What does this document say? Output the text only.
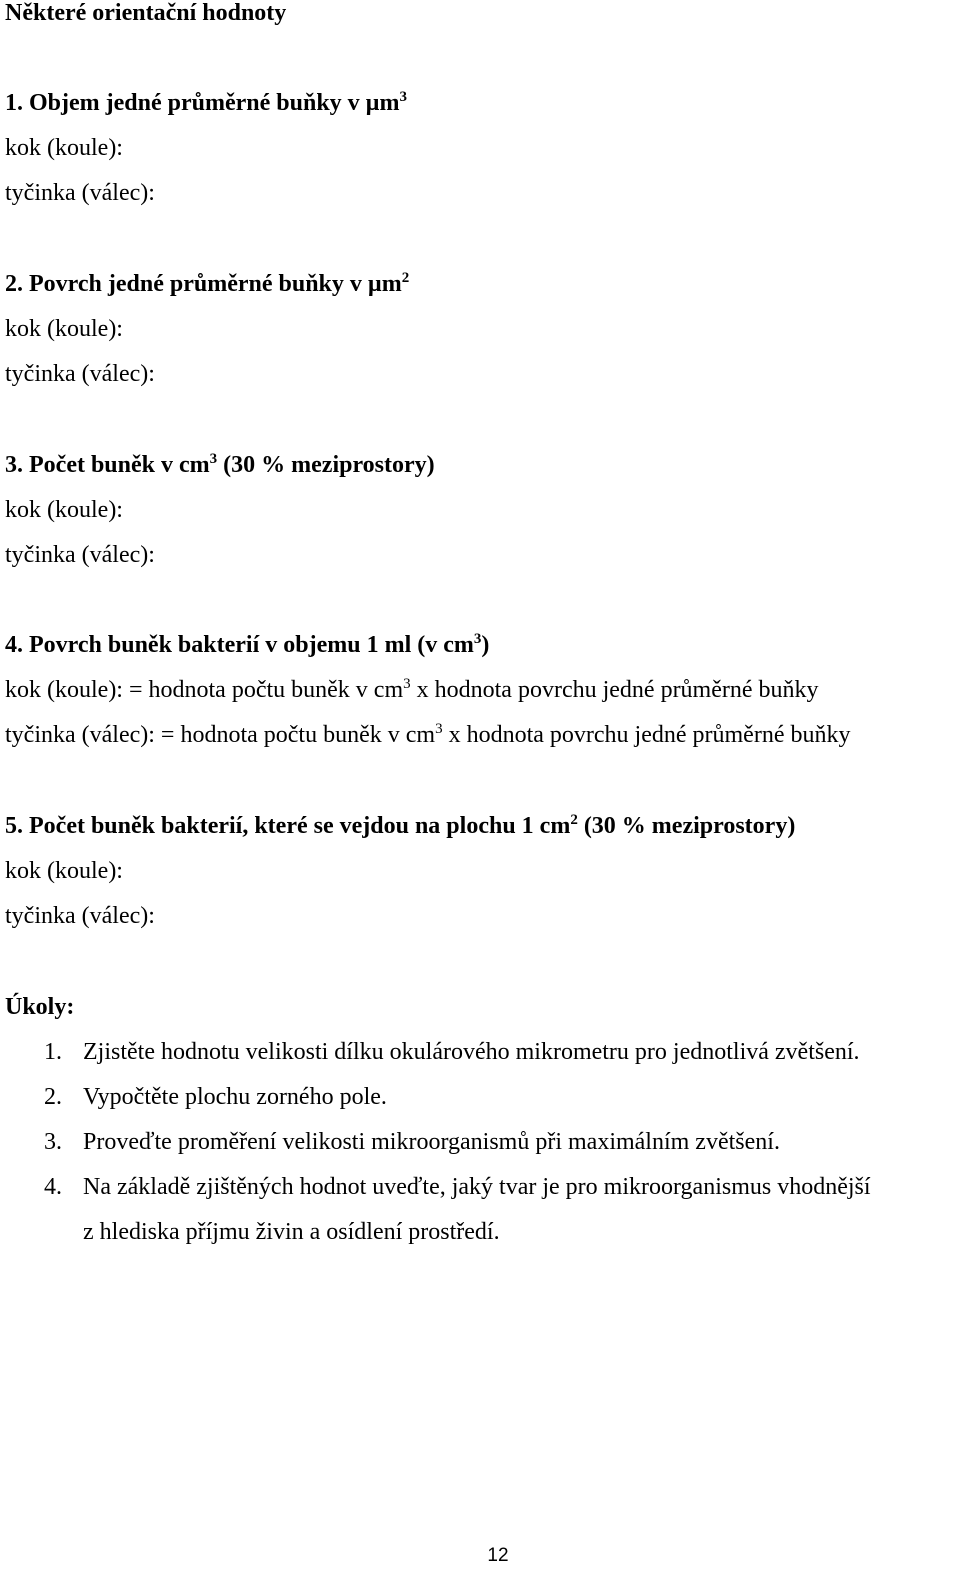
Některé orientační hodnoty
1. Objem jedné průměrné buňky v µm$^3$
kok (koule):
tyčinka (válec):
2. Povrch jedné průměrné buňky v µm$^2$
kok (koule):
tyčinka (válec):
3. Počet buněk v $cm^3$ (30 % meziprostory)
kok (koule):
tyčinka (válec):
4. Povrch buněk bakterií v objemu 1 ml (v $cm^3$)
kok (koule): = hodnota počtu buněk v $cm^3$ x hodnota povrchu jedné průměrné buňky
tyčinka (válec): = hodnota počtu buněk v $cm^3$ x hodnota povrchu jedné průměrné buňky
5. Počet buněk bakterií, které se vejdou na plochu 1 $cm^2$ (30 % meziprostory)
kok (koule):
tyčinka (válec):
Úkoly:
1. Zjistěte hodnotu velikosti dílku okulárového mikrometru pro jednotlivá zvětšení.
2. Vypočtěte plochu zorného pole.
3. Proveďte proměření velikosti mikroorganismů při maximálním zvětšení.
4. Na základě zjištěných hodnot uveďte, jaký tvar je pro mikroorganismus vhodnější
z hlediska příjmu živin a osídlení prostředí.
12
